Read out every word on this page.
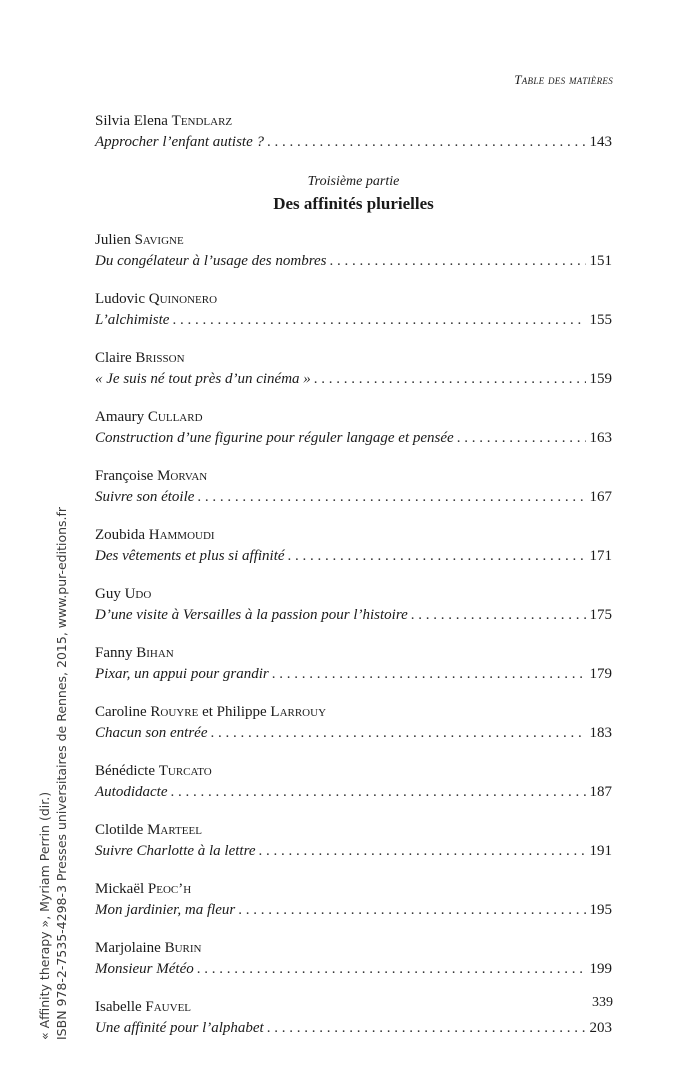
Table des matières
Silvia Elena Tendlarz
Approcher l’enfant autiste ? . . .	143
Troisième partie
Des affinités plurielles
Julien Savigne
Du congélateur à l’usage des nombres . . .	151
Ludovic Quinonero
L’alchimiste . . .	155
Claire Brisson
« Je suis né tout près d’un cinéma » . . .	159
Amaury Cullard
Construction d’une figurine pour réguler langage et pensée . . .	163
Françoise Morvan
Suivre son étoile . . .	167
Zoubida Hammoudi
Des vêtements et plus si affinité . . .	171
Guy Udo
D’une visite à Versailles à la passion pour l’histoire . . .	175
Fanny Bihan
Pixar, un appui pour grandir . . .	179
Caroline Rouyre et Philippe Larrouy
Chacun son entrée . . .	183
Bénédicte Turcato
Autodidacte . . .	187
Clotilde Marteel
Suivre Charlotte à la lettre . . .	191
Mickaël Peoc’h
Mon jardinier, ma fleur . . .	195
Marjolaine Burin
Monsieur Météo . . .	199
Isabelle Fauvel
Une affinité pour l’alphabet . . .	203
« Affinity therapy », Myriam Perrin (dir.) ISBN 978-2-7535-4298-3 Presses universitaires de Rennes, 2015, www.pur-editions.fr	339
